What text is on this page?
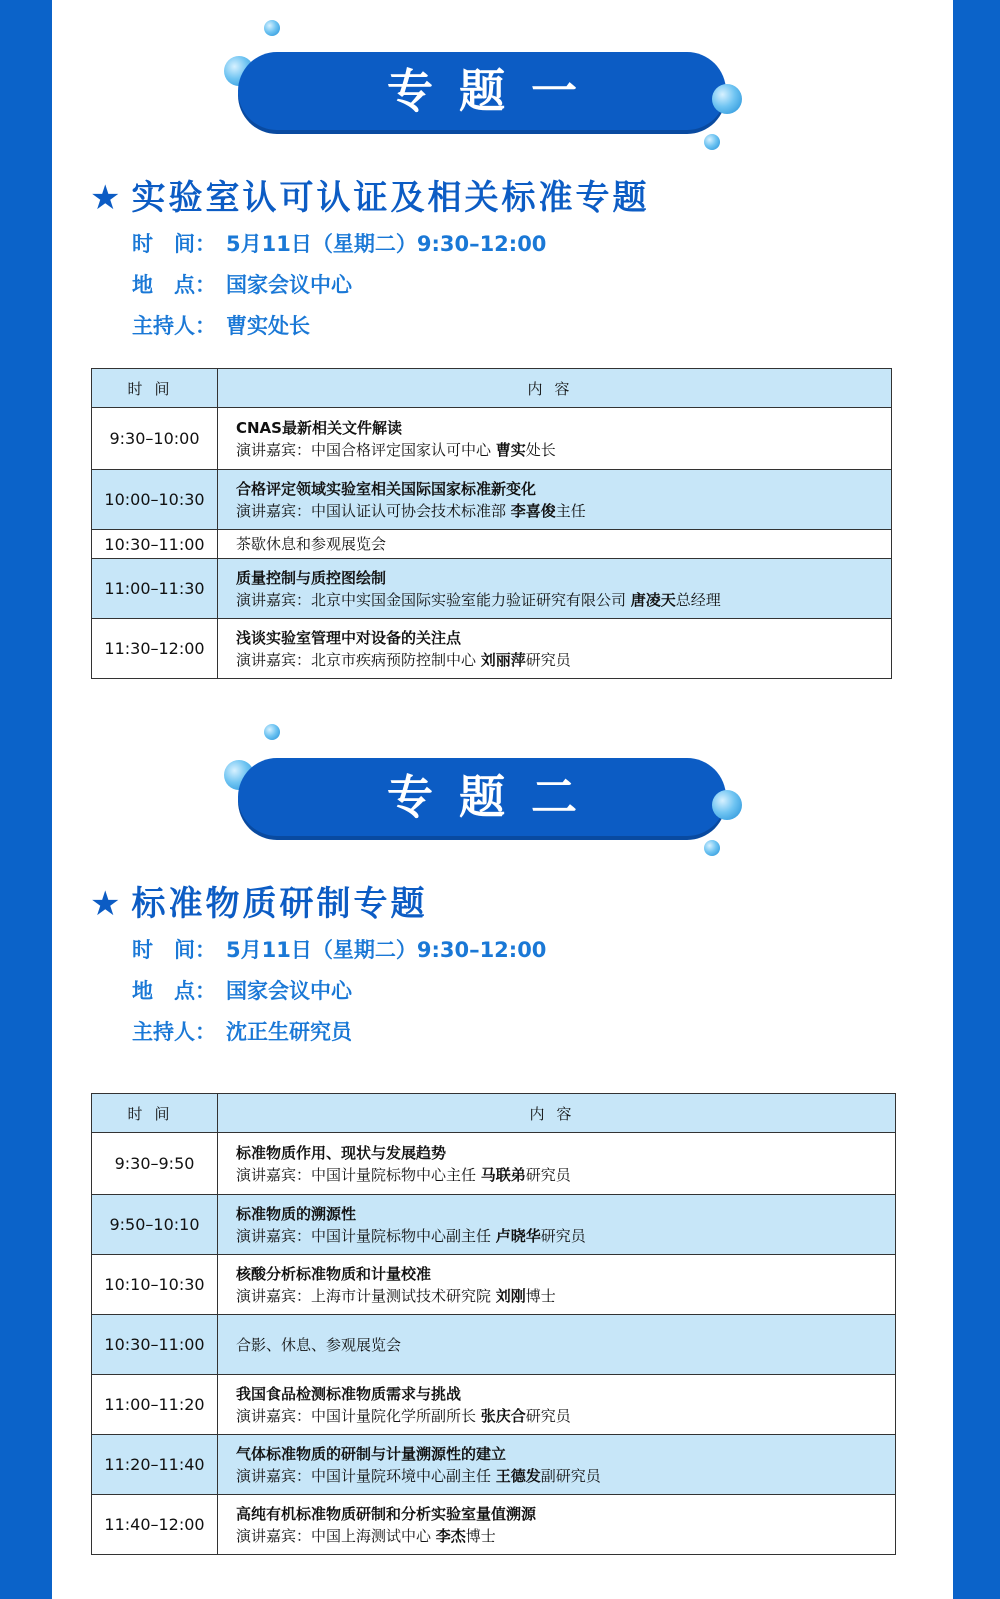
专题一
★ 实验室认可认证及相关标准专题
时　间： 5月11日（星期二）9:30–12:00
地　点： 国家会议中心
主持人： 曹实处长
时间	内容
9:30–10:00	CNAS最新相关文件解读
演讲嘉宾：中国合格评定国家认可中心 曹实处长

10:00–10:30	合格评定领域实验室相关国际国家标准新变化
演讲嘉宾：中国认证认可协会技术标准部 李喜俊主任

10:30–11:00	茶歇休息和参观展览会
11:00–11:30	质量控制与质控图绘制
演讲嘉宾：北京中实国金国际实验室能力验证研究有限公司 唐凌天总经理

11:30–12:00	浅谈实验室管理中对设备的关注点
演讲嘉宾：北京市疾病预防控制中心 刘丽萍研究员
专题二
★ 标准物质研制专题
时　间： 5月11日（星期二）9:30–12:00
地　点： 国家会议中心
主持人： 沈正生研究员
时间	内容
9:30–9:50	标准物质作用、现状与发展趋势
演讲嘉宾：中国计量院标物中心主任 马联弟研究员

9:50–10:10	标准物质的溯源性
演讲嘉宾：中国计量院标物中心副主任 卢晓华研究员

10:10–10:30	核酸分析标准物质和计量校准
演讲嘉宾：上海市计量测试技术研究院 刘刚博士

10:30–11:00	合影、休息、参观展览会
11:00–11:20	我国食品检测标准物质需求与挑战
演讲嘉宾：中国计量院化学所副所长 张庆合研究员

11:20–11:40	气体标准物质的研制与计量溯源性的建立
演讲嘉宾：中国计量院环境中心副主任 王德发副研究员

11:40–12:00	高纯有机标准物质研制和分析实验室量值溯源
演讲嘉宾：中国上海测试中心 李杰博士
